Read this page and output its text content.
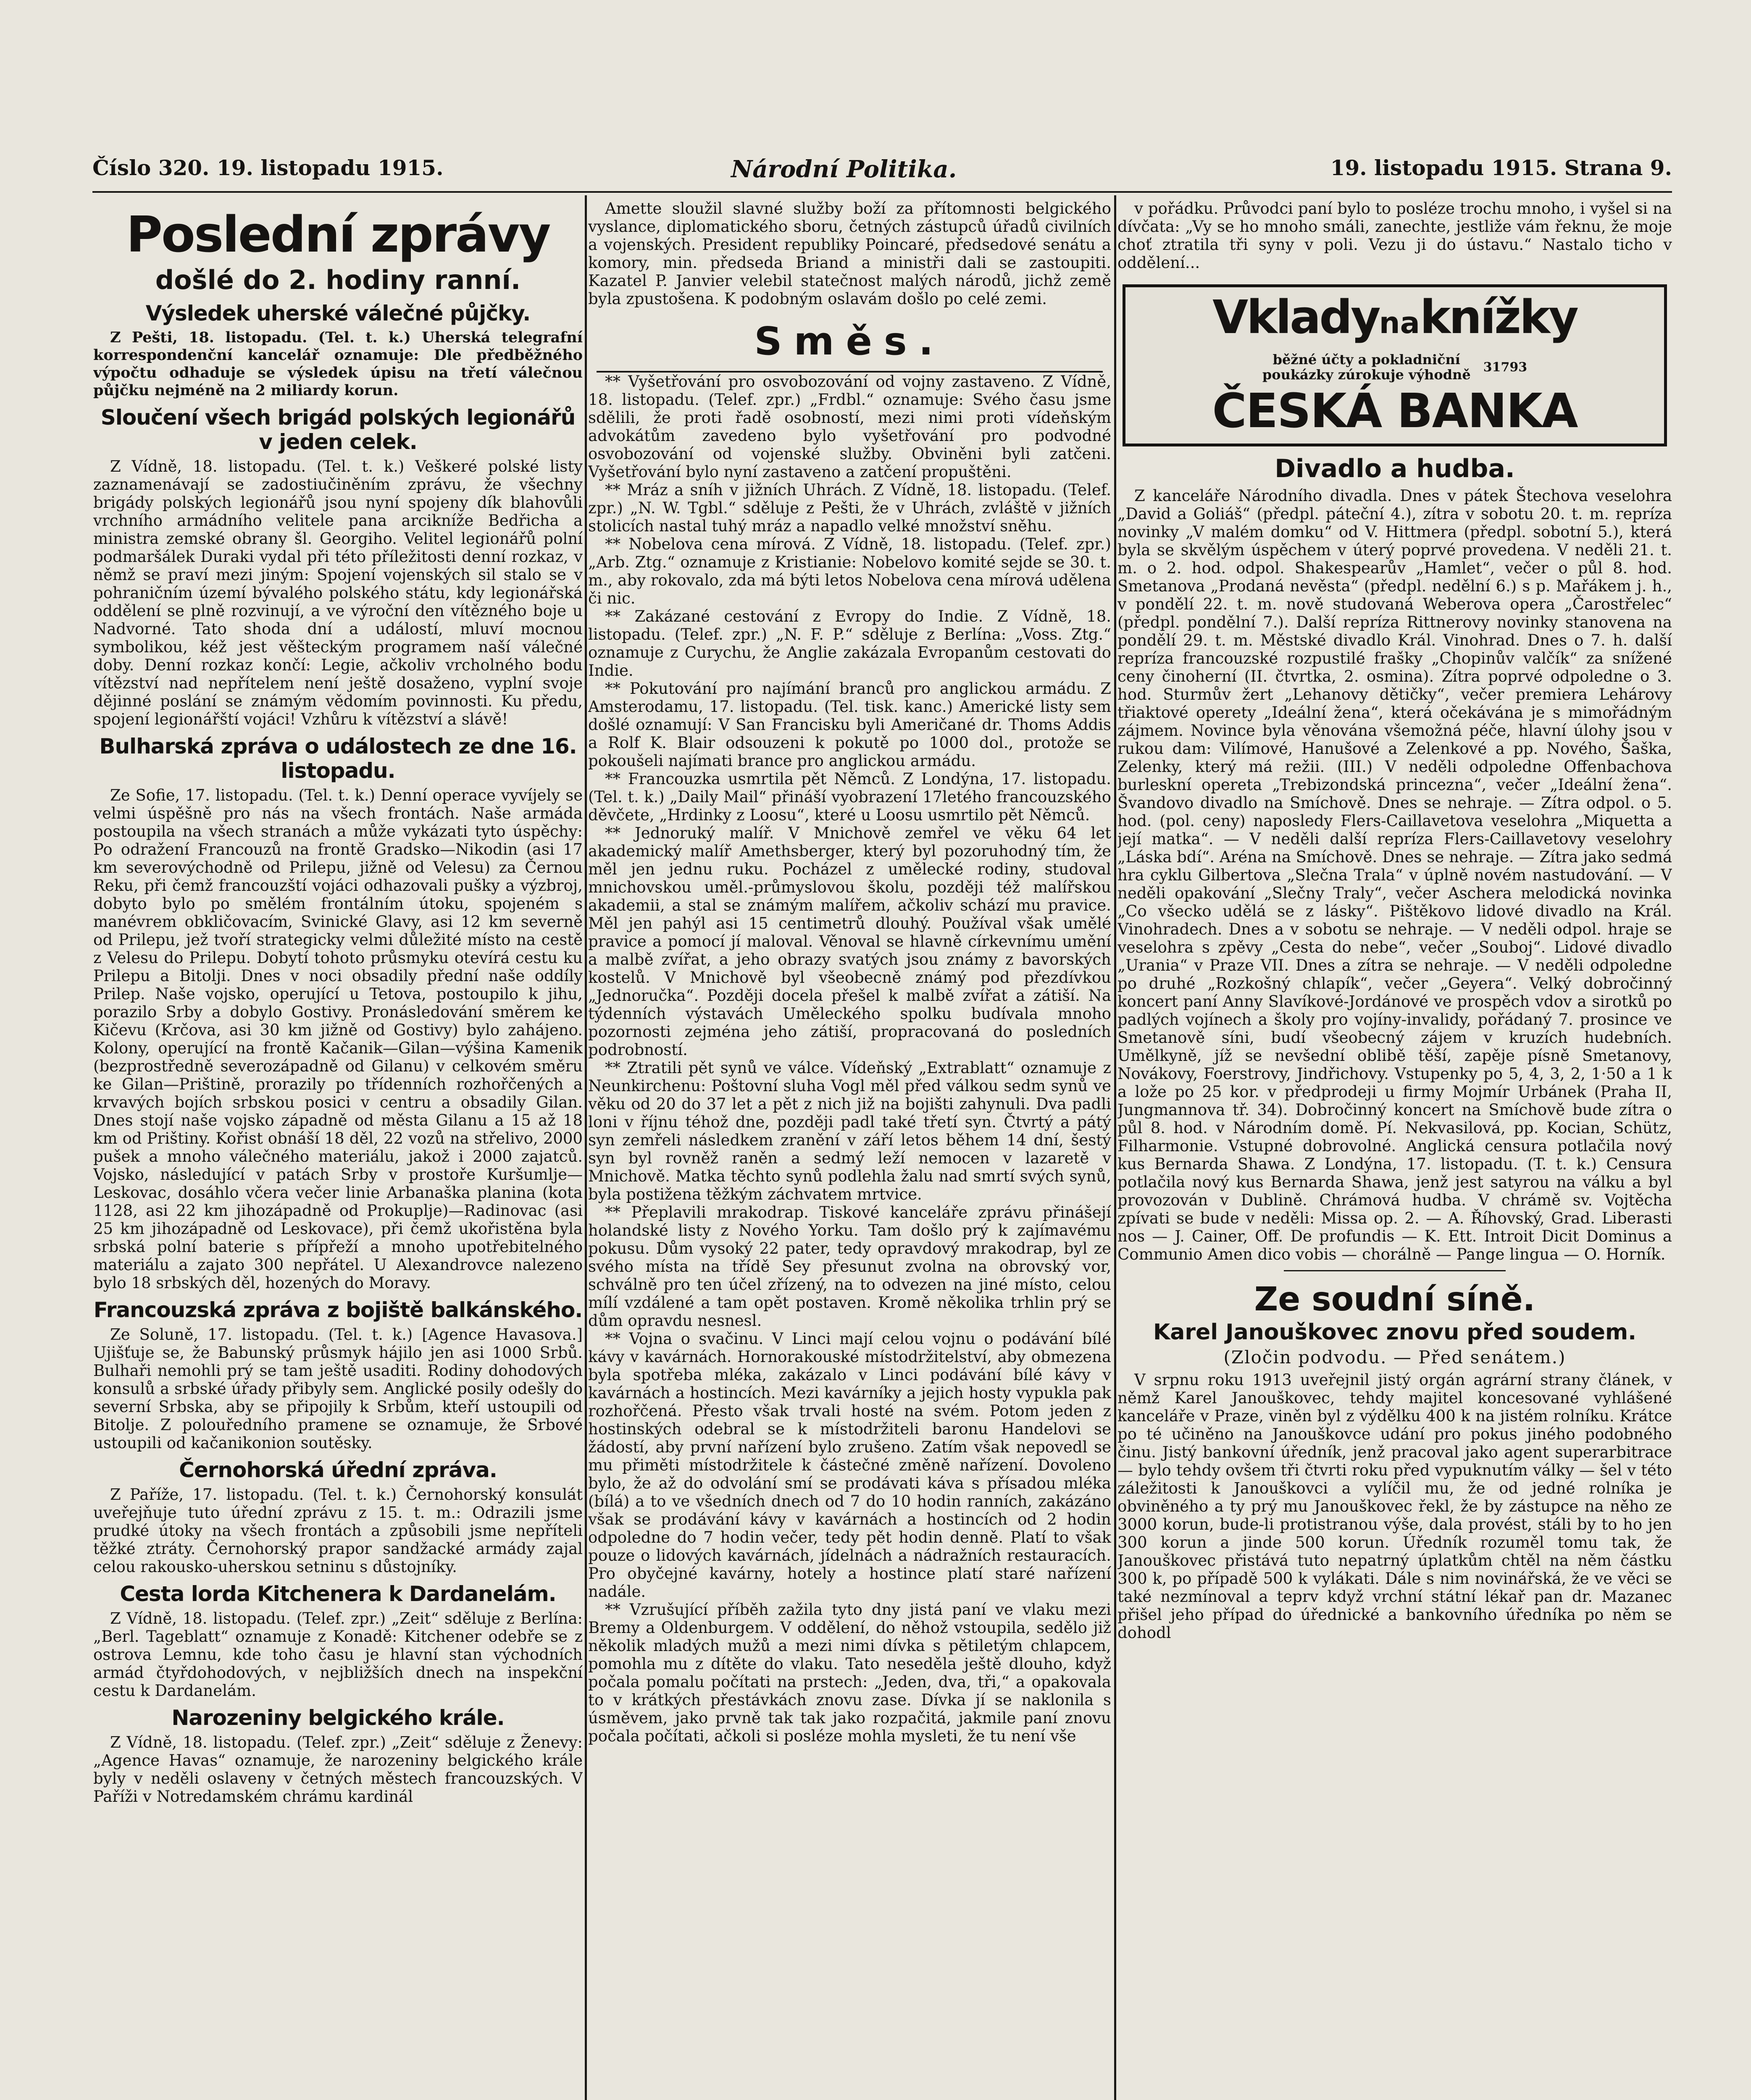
Číslo 320. 19. listopadu 1915.	Národní Politika.	19. listopadu 1915. Strana 9.
Poslední zprávy
došlé do 2. hodiny ranní.
Výsledek uherské válečné půjčky.

Z Pešti, 18. listopadu. (Tel. t. k.) Uherská telegrafní korrespondenční kancelář oznamuje: Dle předběžného výpočtu odhaduje se výsledek úpisu na třetí válečnou půjčku nejméně na 2 miliardy korun.

Sloučení všech brigád polských legionářů v jeden celek.

Z Vídně, 18. listopadu. (Tel. t. k.) Veškeré polské listy zaznamenávají se zadostiučiněním zprávu, že všechny brigády polských legionářů jsou nyní spojeny dík blahovůli vrchního armádního velitele pana arcikníže Bedřicha a ministra zemské obrany šl. Georgiho. Velitel legionářů polní podmaršálek Duraki vydal při této příležitosti denní rozkaz, v němž se praví mezi jiným: Spojení vojenských sil stalo se v pohraničním území bývalého polského státu, kdy legionářská oddělení se plně rozvinují, a ve výroční den vítězného boje u Nadvorné. Tato shoda dní a událostí, mluví mocnou symbolikou, kéž jest věšteckým programem naší válečné doby. Denní rozkaz končí: Legie, ačkoliv vrcholného bodu vítězství nad nepřítelem není ještě dosaženo, vyplní svoje dějinné poslání se známým vědomím povinnosti. Ku předu, spojení legionářští vojáci! Vzhůru k vítězství a slávě!

Bulharská zpráva o událostech ze dne 16. listopadu.

Ze Sofie, 17. listopadu. (Tel. t. k.) Denní operace vyvíjely se velmi úspěšně pro nás na všech frontách. Naše armáda postoupila na všech stranách a může vykázati tyto úspěchy: Po odražení Francouzů na frontě Gradsko—Nikodin (asi 17 km severovýchodně od Prilepu, jižně od Velesu) za Černou Reku, při čemž francouzští vojáci odhazovali pušky a výzbroj, dobyto bylo po smělém frontálním útoku, spojeném s manévrem obkličovacím, Svinické Glavy, asi 12 km severně od Prilepu, jež tvoří strategicky velmi důležité místo na cestě z Velesu do Prilepu. Dobytí tohoto průsmyku otevírá cestu ku Prilepu a Bitolji. Dnes v noci obsadily přední naše oddíly Prilep. Naše vojsko, operující u Tetova, postoupilo k jihu, porazilo Srby a dobylo Gostivy. Pronásledování směrem ke Kičevu (Krčova, asi 30 km jižně od Gostivy) bylo zahájeno. Kolony, operující na frontě Kačanik—Gilan—výšina Kamenik (bezprostředně severozápadně od Gilanu) v celkovém směru ke Gilan—Prištině, prorazily po třídenních rozhořčených a krvavých bojích srbskou posici v centru a obsadily Gilan. Dnes stojí naše vojsko západně od města Gilanu a 15 až 18 km od Prištiny. Kořist obnáší 18 děl, 22 vozů na střelivo, 2000 pušek a mnoho válečného materiálu, jakož i 2000 zajatců. Vojsko, následující v patách Srby v prostoře Kuršumlje—Leskovac, dosáhlo včera večer linie Arbanaška planina (kota 1128, asi 22 km jihozápadně od Prokuplje)—Radinovac (asi 25 km jihozápadně od Leskovace), při čemž ukořistěna byla srbská polní baterie s přípřeží a mnoho upotřebitelného materiálu a zajato 300 nepřátel. U Alexandrovce nalezeno bylo 18 srbských děl, hozených do Moravy.

Francouzská zpráva z bojiště balkánského.

Ze Soluně, 17. listopadu. (Tel. t. k.) [Agence Havasova.] Ujišťuje se, že Babunský průsmyk hájilo jen asi 1000 Srbů. Bulhaři nemohli prý se tam ještě usaditi. Rodiny dohodových konsulů a srbské úřady přibyly sem. Anglické posily odešly do severní Srbska, aby se připojily k Srbům, kteří ustoupili od Bitolje. Z polouředního pramene se oznamuje, že Srbové ustoupili od kačanikonion soutěsky.

Černohorská úřední zpráva.

Z Paříže, 17. listopadu. (Tel. t. k.) Černohorský konsulát uveřejňuje tuto úřední zprávu z 15. t. m.: Odrazili jsme prudké útoky na všech frontách a způsobili jsme nepříteli těžké ztráty. Černohorský prapor sandžacké armády zajal celou rakousko-uherskou setninu s důstojníky.

Cesta lorda Kitchenera k Dardanelám.

Z Vídně, 18. listopadu. (Telef. zpr.) „Zeit“ sděluje z Berlína: „Berl. Tageblatt“ oznamuje z Konadě: Kitchener odebře se z ostrova Lemnu, kde toho času je hlavní stan východních armád čtyřdohodových, v nejbližších dnech na inspekční cestu k Dardanelám.

Narozeniny belgického krále.

Z Vídně, 18. listopadu. (Telef. zpr.) „Zeit“ sděluje z Ženevy: „Agence Havas“ oznamuje, že narozeniny belgického krále byly v neděli oslaveny v četných městech francouzských. V Paříži v Notredamském chrámu kardinál

Amette sloužil slavné služby boží za přítomnosti belgického vyslance, diplomatického sboru, četných zástupců úřadů civilních a vojenských. President republiky Poincaré, předsedové senátu a komory, min. předseda Briand a ministři dali se zastoupiti. Kazatel P. Janvier velebil statečnost malých národů, jichž země byla zpustošena. K podobným oslavám došlo po celé zemi.

Směs.

** Vyšetřování pro osvobozování od vojny zastaveno. Z Vídně, 18. listopadu. (Telef. zpr.) „Frdbl.“ oznamuje: Svého času jsme sdělili, že proti řadě osobností, mezi nimi proti vídeňským advokátům zavedeno bylo vyšetřování pro podvodné osvobozování od vojenské služby. Obviněni byli zatčeni. Vyšetřování bylo nyní zastaveno a zatčení propuštěni.

** Mráz a sníh v jižních Uhrách. Z Vídně, 18. listopadu. (Telef. zpr.) „N. W. Tgbl.“ sděluje z Pešti, že v Uhrách, zvláště v jižních stolicích nastal tuhý mráz a napadlo velké množství sněhu.

** Nobelova cena mírová. Z Vídně, 18. listopadu. (Telef. zpr.) „Arb. Ztg.“ oznamuje z Kristianie: Nobelovo komité sejde se 30. t. m., aby rokovalo, zda má býti letos Nobelova cena mírová udělena či nic.

** Zakázané cestování z Evropy do Indie. Z Vídně, 18. listopadu. (Telef. zpr.) „N. F. P.“ sděluje z Berlína: „Voss. Ztg.“ oznamuje z Curychu, že Anglie zakázala Evropanům cestovati do Indie.

** Pokutování pro najímání branců pro anglickou armádu. Z Amsterodamu, 17. listopadu. (Tel. tisk. kanc.) Americké listy sem došlé oznamují: V San Francisku byli Američané dr. Thoms Addis a Rolf K. Blair odsouzeni k pokutě po 1000 dol., protože se pokoušeli najímati brance pro anglickou armádu.

** Francouzka usmrtila pět Němců. Z Londýna, 17. listopadu. (Tel. t. k.) „Daily Mail“ přináší vyobrazení 17letého francouzského děvčete, „Hrdinky z Loosu“, které u Loosu usmrtilo pět Němců.

** Jednoruký malíř. V Mnichově zemřel ve věku 64 let akademický malíř Amethsberger, který byl pozoruhodný tím, že měl jen jednu ruku. Pocházel z umělecké rodiny, studoval mnichovskou uměl.-průmyslovou školu, později též malířskou akademii, a stal se známým malířem, ačkoliv schází mu pravice. Měl jen pahýl asi 15 centimetrů dlouhý. Používal však umělé pravice a pomocí jí maloval. Věnoval se hlavně církevnímu umění a malbě zvířat, a jeho obrazy svatých jsou známy z bavorských kostelů. V Mnichově byl všeobecně známý pod přezdívkou „Jednoručka“. Později docela přešel k malbě zvířat a zátiší. Na týdenních výstavách Uměleckého spolku budívala mnoho pozornosti zejména jeho zátiší, propracovaná do posledních podrobností.

** Ztratili pět synů ve válce. Vídeňský „Extrablatt“ oznamuje z Neunkirchenu: Poštovní sluha Vogl měl před válkou sedm synů ve věku od 20 do 37 let a pět z nich již na bojišti zahynuli. Dva padli loni v říjnu téhož dne, později padl také třetí syn. Čtvrtý a pátý syn zemřeli následkem zranění v září letos během 14 dní, šestý syn byl rovněž raněn a sedmý leží nemocen v lazaretě v Mnichově. Matka těchto synů podlehla žalu nad smrtí svých synů, byla postižena těžkým záchvatem mrtvice.

** Přeplavili mrakodrap. Tiskové kanceláře zprávu přinášejí holandské listy z Nového Yorku. Tam došlo prý k zajímavému pokusu. Dům vysoký 22 pater, tedy opravdový mrakodrap, byl ze svého místa na třídě Sey přesunut zvolna na obrovský vor, schválně pro ten účel zřízený, na to odvezen na jiné místo, celou mílí vzdálené a tam opět postaven. Kromě několika trhlin prý se dům opravdu nesnesl.

** Vojna o svačinu. V Linci mají celou vojnu o podávání bílé kávy v kavárnách. Hornorakouské místodržitelství, aby obmezena byla spotřeba mléka, zakázalo v Linci podávání bílé kávy v kavárnách a hostincích. Mezi kavárníky a jejich hosty vypukla pak rozhořčená. Přesto však trvali hosté na svém. Potom jeden z hostinských odebral se k místodržiteli baronu Handelovi se žádostí, aby první nařízení bylo zrušeno. Zatím však nepovedl se mu přiměti místodržitele k částečné změně nařízení. Dovoleno bylo, že až do odvolání smí se prodávati káva s přísadou mléka (bílá) a to ve všedních dnech od 7 do 10 hodin ranních, zakázáno však se prodávání kávy v kavárnách a hostincích od 2 hodin odpoledne do 7 hodin večer, tedy pět hodin denně. Platí to však pouze o lidových kavárnách, jídelnách a nádražních restauracích. Pro obyčejné kavárny, hotely a hostince platí staré nařízení nadále.

** Vzrušující příběh zažila tyto dny jistá paní ve vlaku mezi Bremy a Oldenburgem. V oddělení, do něhož vstoupila, sedělo již několik mladých mužů a mezi nimi dívka s pětiletým chlapcem, pomohla mu z dítěte do vlaku. Tato neseděla ještě dlouho, když počala pomalu počítati na prstech: „Jeden, dva, tři,“ a opakovala to v krátkých přestávkách znovu zase. Dívka jí se naklonila s úsměvem, jako prvně tak tak jako rozpačitá, jakmile paní znovu počala počítati, ačkoli si posléze mohla mysleti, že tu není vše

v pořádku. Průvodci paní bylo to posléze trochu mnoho, i vyšel si na dívčata: „Vy se ho mnoho smáli, zanechte, jestliže vám řeknu, že moje choť ztratila tři syny v poli. Vezu ji do ústavu.“ Nastalo ticho v oddělení...

Vkladynaknížky
běžné účty a pokladniční
poukázky zúrokuje výhodně 31793
ČESKÁ BANKA
Divadlo a hudba.

Z kanceláře Národního divadla. Dnes v pátek Štechova veselohra „David a Goliáš“ (předpl. páteční 4.), zítra v sobotu 20. t. m. repríza novinky „V malém domku“ od V. Hittmera (předpl. sobotní 5.), která byla se skvělým úspěchem v úterý poprvé provedena. V neděli 21. t. m. o 2. hod. odpol. Shakespearův „Hamlet“, večer o půl 8. hod. Smetanova „Prodaná nevěsta“ (předpl. nedělní 6.) s p. Mařákem j. h., v pondělí 22. t. m. nově studovaná Weberova opera „Čarostřelec“ (předpl. pondělní 7.). Další repríza Rittnerovy novinky stanovena na pondělí 29. t. m. Městské divadlo Král. Vinohrad. Dnes o 7. h. další repríza francouzské rozpustilé frašky „Chopinův valčík“ za snížené ceny činoherní (II. čtvrtka, 2. osmina). Zítra poprvé odpoledne o 3. hod. Sturmův žert „Lehanovy dětičky“, večer premiera Lehárovy třiaktové operety „Ideální žena“, která očekávána je s mimořádným zájmem. Novince byla věnována všemožná péče, hlavní úlohy jsou v rukou dam: Vilímové, Hanušové a Zelenkové a pp. Nového, Šaška, Zelenky, který má režii. (III.) V neděli odpoledne Offenbachova burleskní opereta „Trebizondská princezna“, večer „Ideální žena“. Švandovo divadlo na Smíchově. Dnes se nehraje. — Zítra odpol. o 5. hod. (pol. ceny) naposledy Flers-Caillavetova veselohra „Miquetta a její matka“. — V neděli další repríza Flers-Caillavetovy veselohry „Láska bdí“. Aréna na Smíchově. Dnes se nehraje. — Zítra jako sedmá hra cyklu Gilbertova „Slečna Trala“ v úplně novém nastudování. — V neděli opakování „Slečny Traly“, večer Aschera melodická novinka „Co všecko udělá se z lásky“. Pištěkovo lidové divadlo na Král. Vinohradech. Dnes a v sobotu se nehraje. — V neděli odpol. hraje se veselohra s zpěvy „Cesta do nebe“, večer „Souboj“. Lidové divadlo „Urania“ v Praze VII. Dnes a zítra se nehraje. — V neděli odpoledne po druhé „Rozkošný chlapík“, večer „Geyera“. Velký dobročinný koncert paní Anny Slavíkové-Jordánové ve prospěch vdov a sirotků po padlých vojínech a školy pro vojíny-invalidy, pořádaný 7. prosince ve Smetanově síni, budí všeobecný zájem v kruzích hudebních. Umělkyně, jíž se nevšední oblibě těší, zapěje písně Smetanovy, Novákovy, Foerstrovy, Jindřichovy. Vstupenky po 5, 4, 3, 2, 1·50 a 1 k a lože po 25 kor. v předprodeji u firmy Mojmír Urbánek (Praha II, Jungmannova tř. 34). Dobročinný koncert na Smíchově bude zítra o půl 8. hod. v Národním domě. Pí. Nekvasilová, pp. Kocian, Schütz, Filharmonie. Vstupné dobrovolné. Anglická censura potlačila nový kus Bernarda Shawa. Z Londýna, 17. listopadu. (T. t. k.) Censura potlačila nový kus Bernarda Shawa, jenž jest satyrou na válku a byl provozován v Dublině. Chrámová hudba. V chrámě sv. Vojtěcha zpívati se bude v neděli: Missa op. 2. — A. Říhovský, Grad. Liberasti nos — J. Cainer, Off. De profundis — K. Ett. Introit Dicit Dominus a Communio Amen dico vobis — chorálně — Pange lingua — O. Horník.

Ze soudní síně.
Karel Janouškovec znovu před soudem.
(Zločin podvodu. — Před senátem.)

V srpnu roku 1913 uveřejnil jistý orgán agrární strany článek, v němž Karel Janouškovec, tehdy majitel koncesované vyhlášené kanceláře v Praze, viněn byl z výdělku 400 k na jistém rolníku. Krátce po té učiněno na Janouškovce udání pro pokus jiného podobného činu. Jistý bankovní úředník, jenž pracoval jako agent superarbitrace — bylo tehdy ovšem tři čtvrti roku před vypuknutím války — šel v této záležitosti k Janouškovci a vylíčil mu, že od jedné rolníka je obviněného a ty prý mu Janouškovec řekl, že by zástupce na něho ze 3000 korun, bude-li protistranou výše, dala provést, stáli by to ho jen 300 korun a jinde 500 korun. Úředník rozuměl tomu tak, že Janouškovec přistává tuto nepatrný úplatkům chtěl na něm částku 300 k, po případě 500 k vylákati. Dále s nim novinářská, že ve věci se také nezmínoval a teprv když vrchní státní lékař pan dr. Mazanec přišel jeho případ do úřednické a bankovního úředníka po něm se dohodl
